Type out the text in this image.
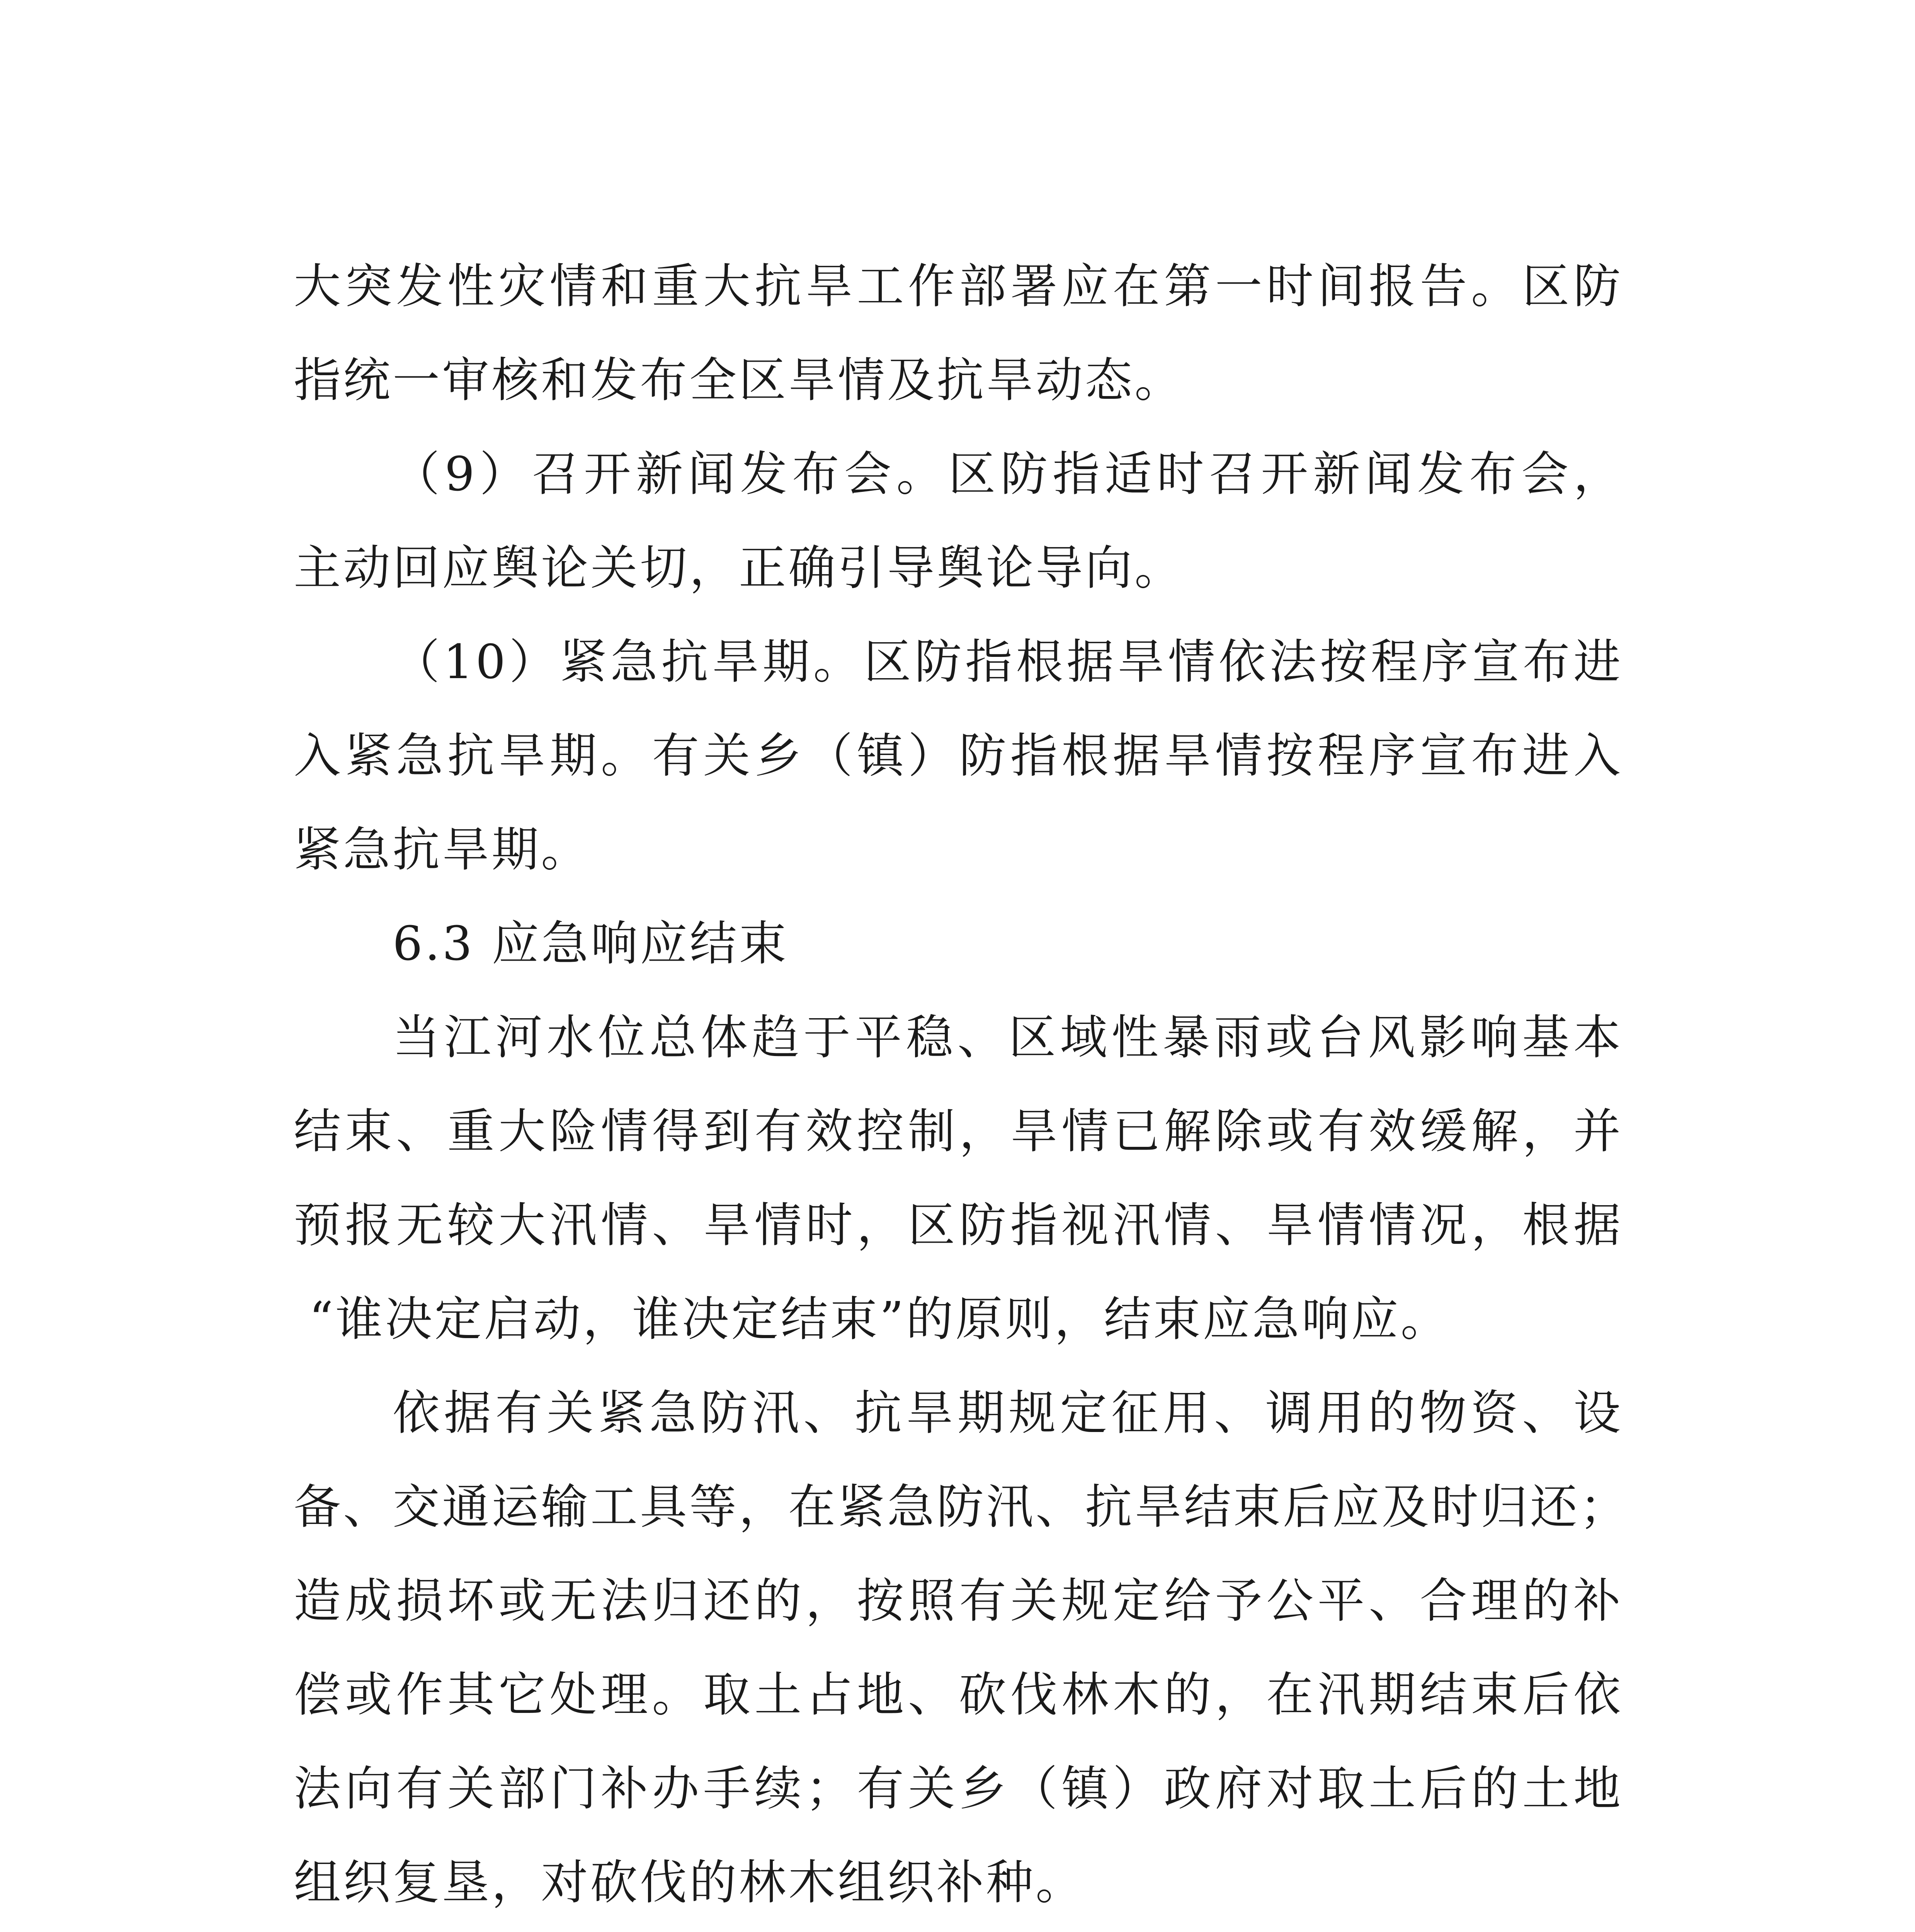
大突发性灾情和重大抗旱工作部署应在第一时间报告。区防
指统一审核和发布全区旱情及抗旱动态。
（9）召开新闻发布会。区防指适时召开新闻发布会，
主动回应舆论关切，正确引导舆论导向。
（10）紧急抗旱期。区防指根据旱情依法按程序宣布进
入紧急抗旱期。有关乡（镇）防指根据旱情按程序宣布进入
紧急抗旱期。
6.3 应急响应结束
当江河水位总体趋于平稳、区域性暴雨或台风影响基本
结束、重大险情得到有效控制，旱情已解除或有效缓解，并
预报无较大汛情、旱情时，区防指视汛情、旱情情况，根据
“谁决定启动，谁决定结束”的原则，结束应急响应。
依据有关紧急防汛、抗旱期规定征用、调用的物资、设
备、交通运输工具等，在紧急防汛、抗旱结束后应及时归还；
造成损坏或无法归还的，按照有关规定给予公平、合理的补
偿或作其它处理。取土占地、砍伐林木的，在汛期结束后依
法向有关部门补办手续；有关乡（镇）政府对取土后的土地
组织复垦，对砍伐的林木组织补种。
